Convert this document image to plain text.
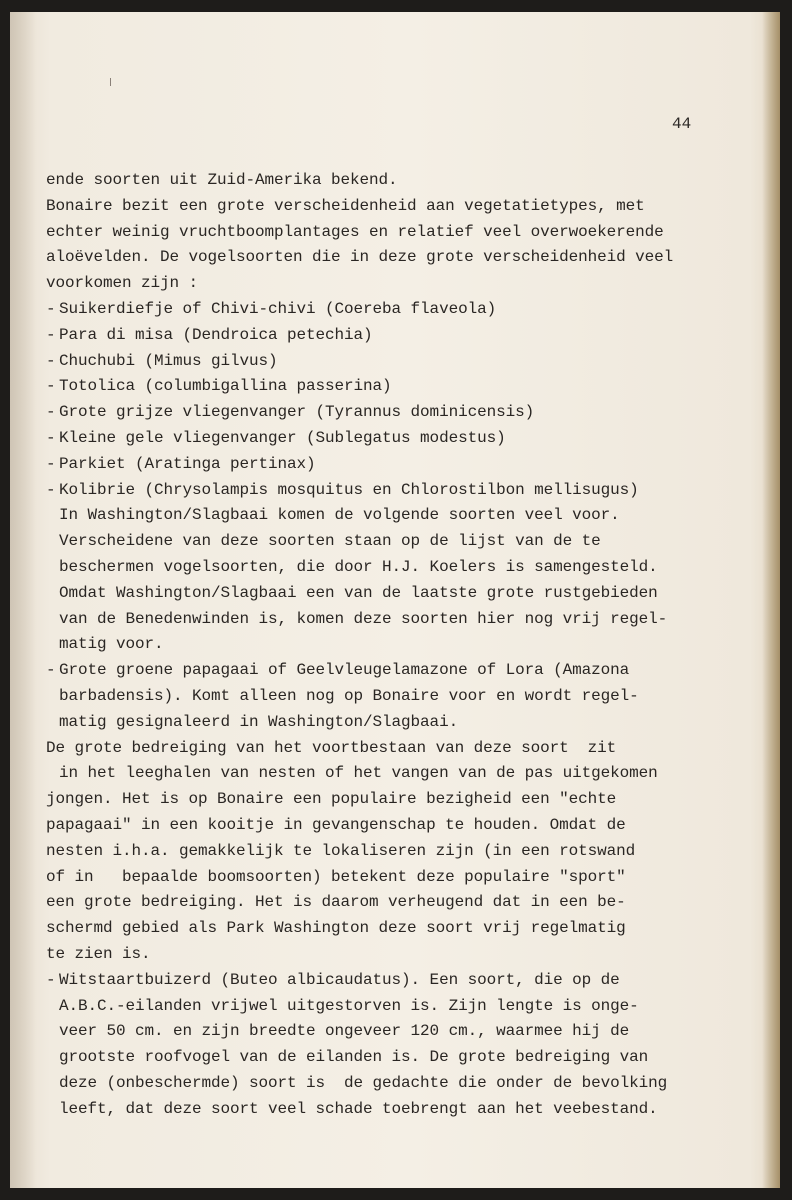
44
ende soorten uit Zuid-Amerika bekend.
Bonaire bezit een grote verscheidenheid aan vegetatietypes, met
echter weinig vruchtboomplantages en relatief veel overwoekerende
aloëvelden. De vogelsoorten die in deze grote verscheidenheid veel
voorkomen zijn :
- Suikerdiefje of Chivi-chivi (Coereba flaveola)
- Para di misa (Dendroica petechia)
- Chuchubi (Mimus gilvus)
- Totolica (columbigallina passerina)
- Grote grijze vliegenvanger (Tyrannus dominicensis)
- Kleine gele vliegenvanger (Sublegatus modestus)
- Parkiet (Aratinga pertinax)
- Kolibrie (Chrysolampis mosquitus en Chlorostilbon mellisugus)
In Washington/Slagbaai komen de volgende soorten veel voor.
Verscheidene van deze soorten staan op de lijst van de te
beschermen vogelsoorten, die door H.J. Koelers is samengesteld.
Omdat Washington/Slagbaai een van de laatste grote rustgebieden
van de Benedenwinden is, komen deze soorten hier nog vrij regel-
matig voor.
- Grote groene papagaai of Geelvleugelamazone of Lora (Amazona
barbadensis). Komt alleen nog op Bonaire voor en wordt regel-
matig gesignaleerd in Washington/Slagbaai.
De grote bedreiging van het voortbestaan van deze soort  zit
in het leeghalen van nesten of het vangen van de pas uitgekomen
jongen. Het is op Bonaire een populaire bezigheid een "echte
papagaai" in een kooitje in gevangenschap te houden. Omdat de
nesten i.h.a. gemakkelijk te lokaliseren zijn (in een rotswand
of in   bepaalde boomsoorten) betekent deze populaire "sport"
een grote bedreiging. Het is daarom verheugend dat in een be-
schermd gebied als Park Washington deze soort vrij regelmatig
te zien is.
- Witstaartbuizerd (Buteo albicaudatus). Een soort, die op de
A.B.C.-eilanden vrijwel uitgestorven is. Zijn lengte is onge-
veer 50 cm. en zijn breedte ongeveer 120 cm., waarmee hij de
grootste roofvogel van de eilanden is. De grote bedreiging van
deze (onbeschermde) soort is  de gedachte die onder de bevolking
leeft, dat deze soort veel schade toebrengt aan het veebestand.
